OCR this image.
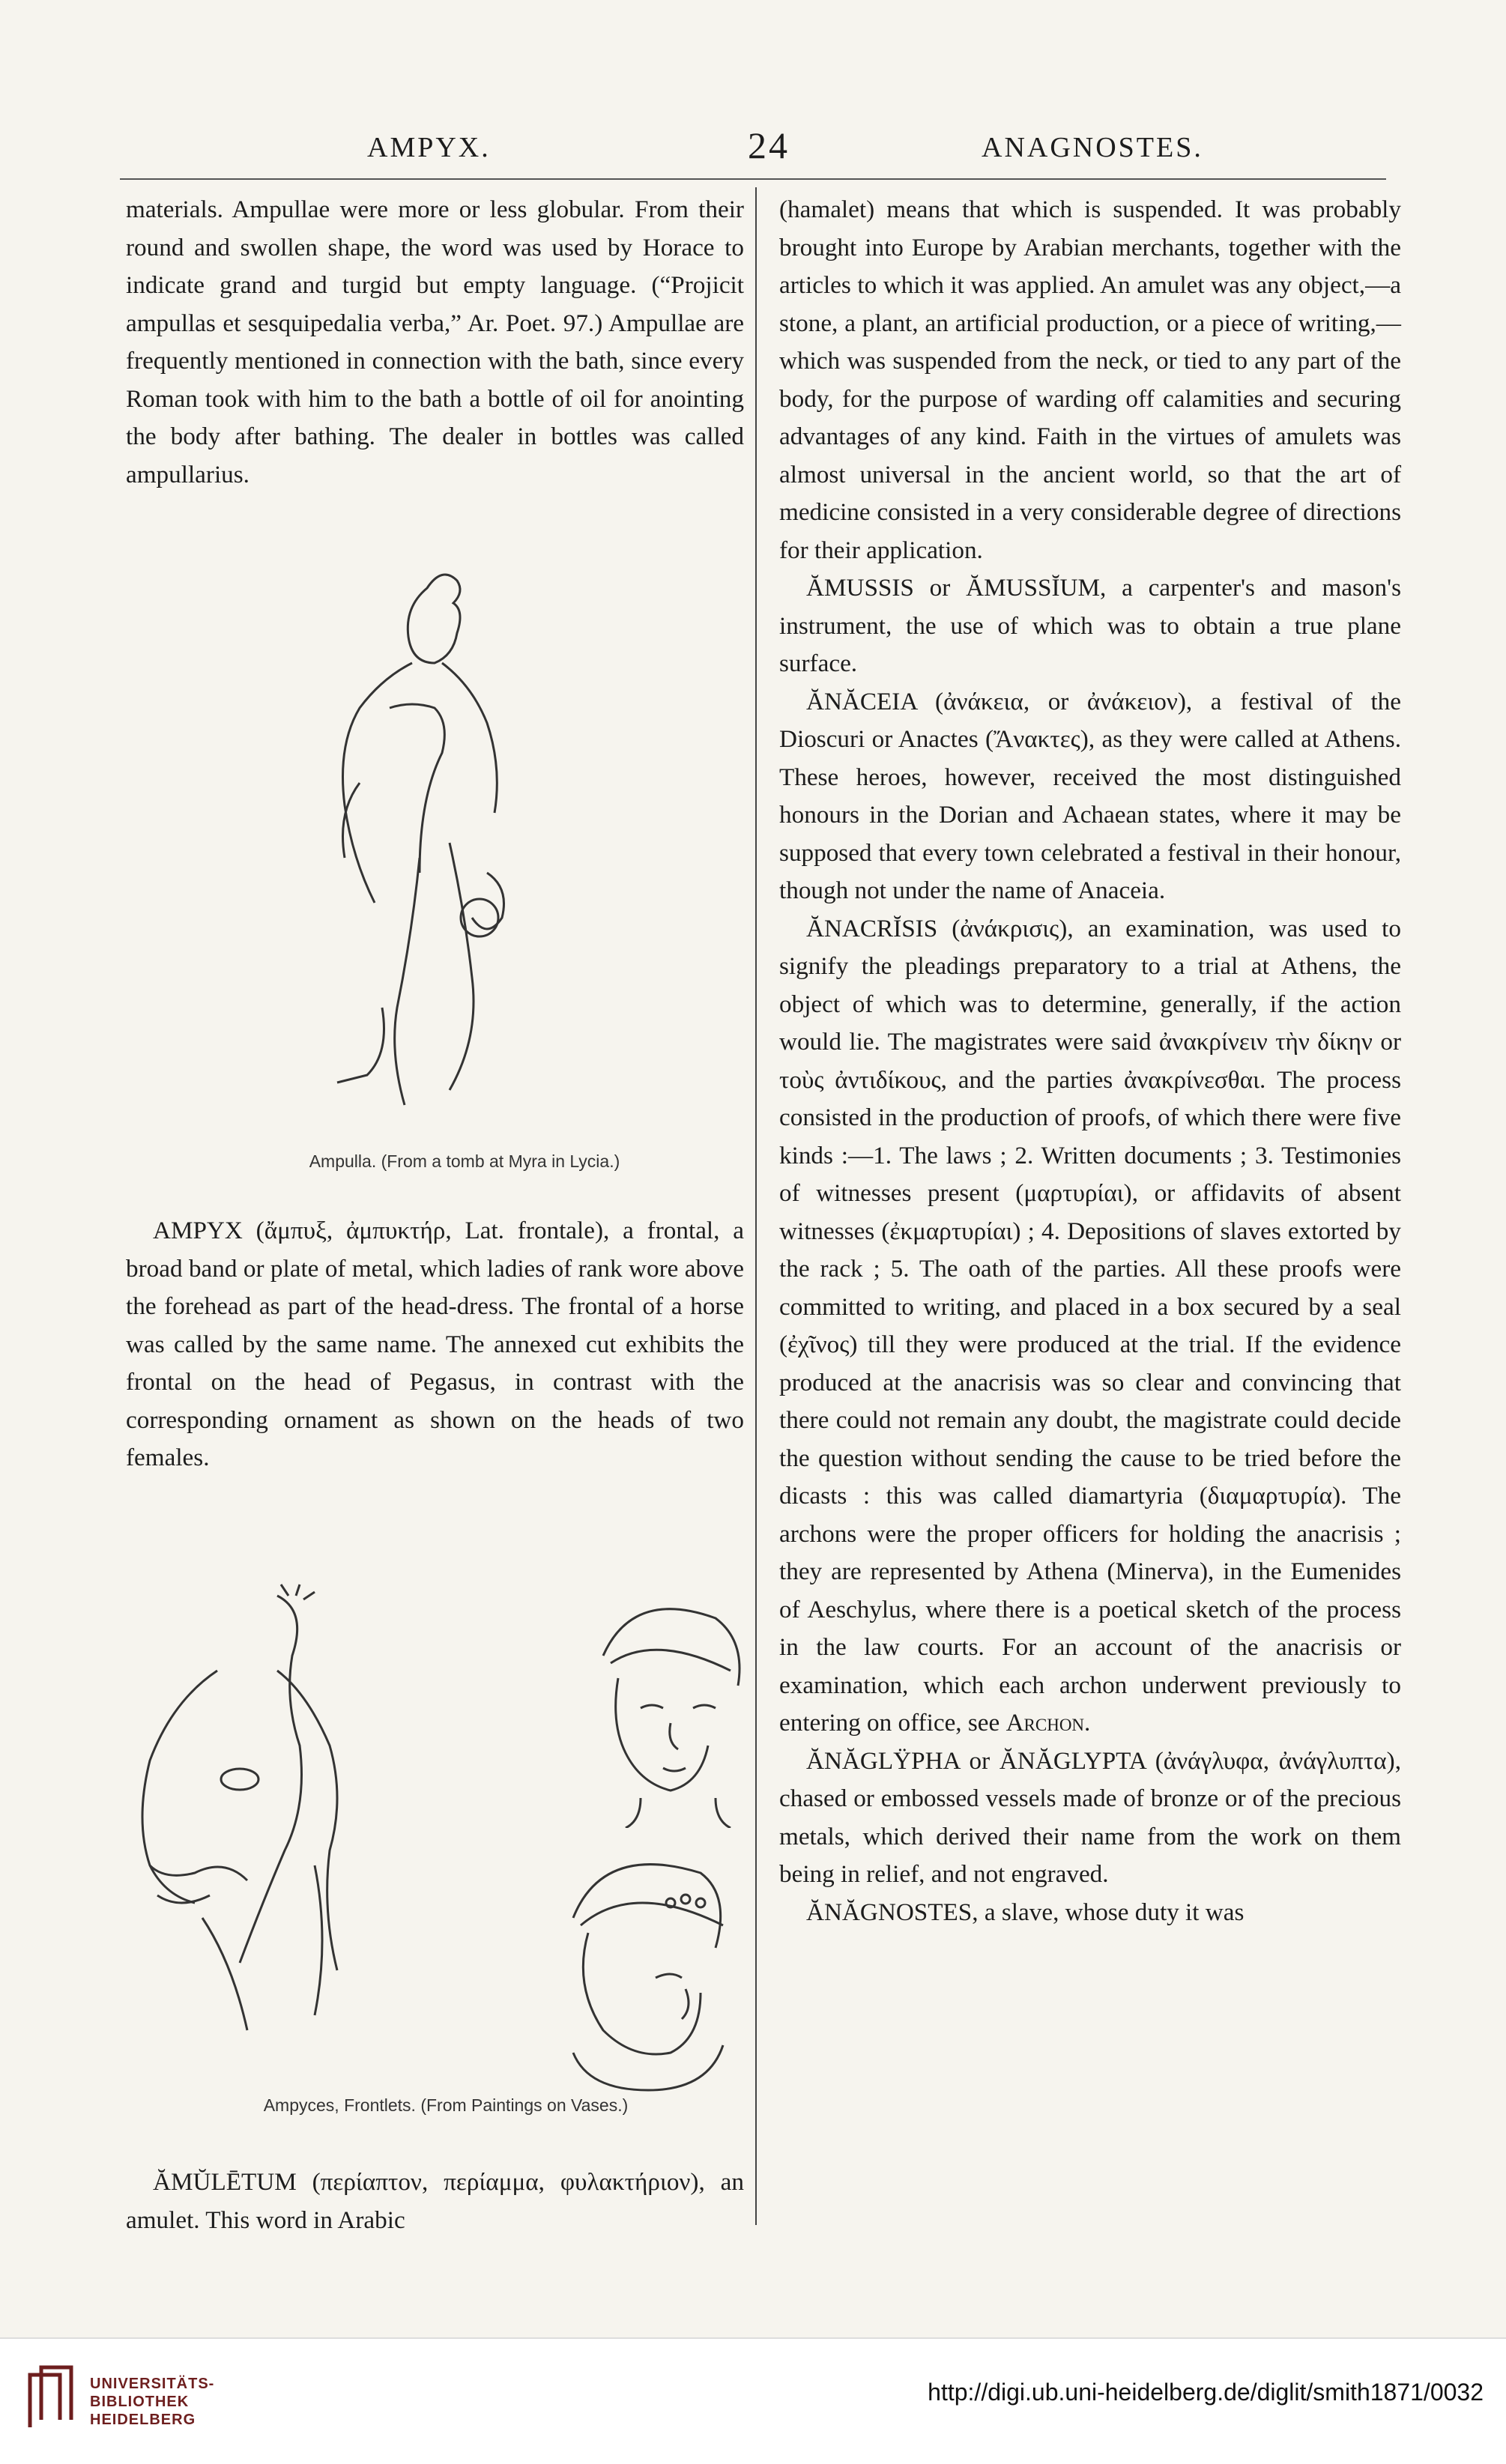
AMPYX.	24	ANAGNOSTES.

materials. Ampullae were more or less globular. From their round and swollen shape, the word was used by Horace to indicate grand and turgid but empty language. (“Projicit ampullas et sesquipedalia verba,” Ar. Poet. 97.) Ampullae are frequently mentioned in connection with the bath, since every Roman took with him to the bath a bottle of oil for anointing the body after bathing. The dealer in bottles was called ampullarius.

Ampulla. (From a tomb at Myra in Lycia.)

AMPYX (ἄμπυξ, ἀμπυκτήρ, Lat. frontale), a frontal, a broad band or plate of metal, which ladies of rank wore above the forehead as part of the head-dress. The frontal of a horse was called by the same name. The annexed cut exhibits the frontal on the head of Pegasus, in contrast with the corresponding ornament as shown on the heads of two females.

Ampyces, Frontlets. (From Paintings on Vases.)

ĂMŬLĒTUM (περίαπτον, περίαμμα, φυλακτήριον), an amulet. This word in Arabic

(hamalet) means that which is suspended. It was probably brought into Europe by Arabian merchants, together with the articles to which it was applied. An amulet was any object,—a stone, a plant, an artificial production, or a piece of writing,—which was suspended from the neck, or tied to any part of the body, for the purpose of warding off calamities and securing advantages of any kind. Faith in the virtues of amulets was almost universal in the ancient world, so that the art of medicine consisted in a very considerable degree of directions for their application.

ĂMUSSIS or ĂMUSSĬUM, a carpenter's and mason's instrument, the use of which was to obtain a true plane surface.

ĂNĂCEIA (ἀνάκεια, or ἀνάκειον), a festival of the Dioscuri or Anactes (Ἄνακτες), as they were called at Athens. These heroes, however, received the most distinguished honours in the Dorian and Achaean states, where it may be supposed that every town celebrated a festival in their honour, though not under the name of Anaceia.

ĂNACRĬSIS (ἀνάκρισις), an examination, was used to signify the pleadings preparatory to a trial at Athens, the object of which was to determine, generally, if the action would lie. The magistrates were said ἀνακρίνειν τὴν δίκην or τοὺς ἀντιδίκους, and the parties ἀνακρίνεσθαι. The process consisted in the production of proofs, of which there were five kinds :—1. The laws ; 2. Written documents ; 3. Testimonies of witnesses present (μαρτυρίαι), or affidavits of absent witnesses (ἐκμαρτυρίαι) ; 4. Depositions of slaves extorted by the rack ; 5. The oath of the parties. All these proofs were committed to writing, and placed in a box secured by a seal (ἐχῖνος) till they were produced at the trial. If the evidence produced at the anacrisis was so clear and convincing that there could not remain any doubt, the magistrate could decide the question without sending the cause to be tried before the dicasts : this was called diamartyria (διαμαρτυρία). The archons were the proper officers for holding the anacrisis ; they are represented by Athena (Minerva), in the Eumenides of Aeschylus, where there is a poetical sketch of the process in the law courts. For an account of the anacrisis or examination, which each archon underwent previously to entering on office, see Archon.

ĂNĂGLŸPHA or ĂNĂGLYPTA (ἀνάγλυφα, ἀνάγλυπτα), chased or embossed vessels made of bronze or of the precious metals, which derived their name from the work on them being in relief, and not engraved.

ĂNĂGNOSTES, a slave, whose duty it was

UNIVERSITÄTS-
BIBLIOTHEK
HEIDELBERG
http://digi.ub.uni-heidelberg.de/diglit/smith1871/0032
